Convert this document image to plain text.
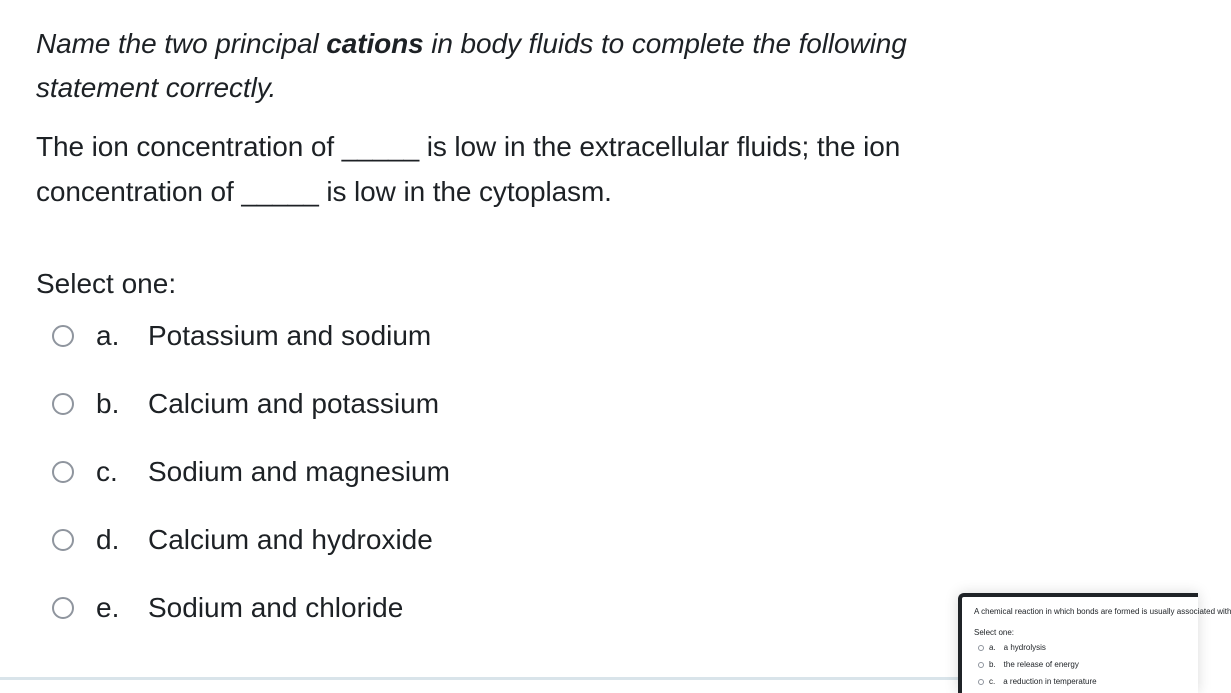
Name the two principal cations in body fluids to complete the following statement correctly.

The ion concentration of _____ is low in the extracellular fluids; the ion concentration of _____ is low in the cytoplasm.

Select one:
a. Potassium and sodium
b. Calcium and potassium
c. Sodium and magnesium
d. Calcium and hydroxide
e. Sodium and chloride	A chemical reaction in which bonds are formed is usually associated with
Select one:
a. a hydrolysis
b. the release of energy
c. a reduction in temperature
